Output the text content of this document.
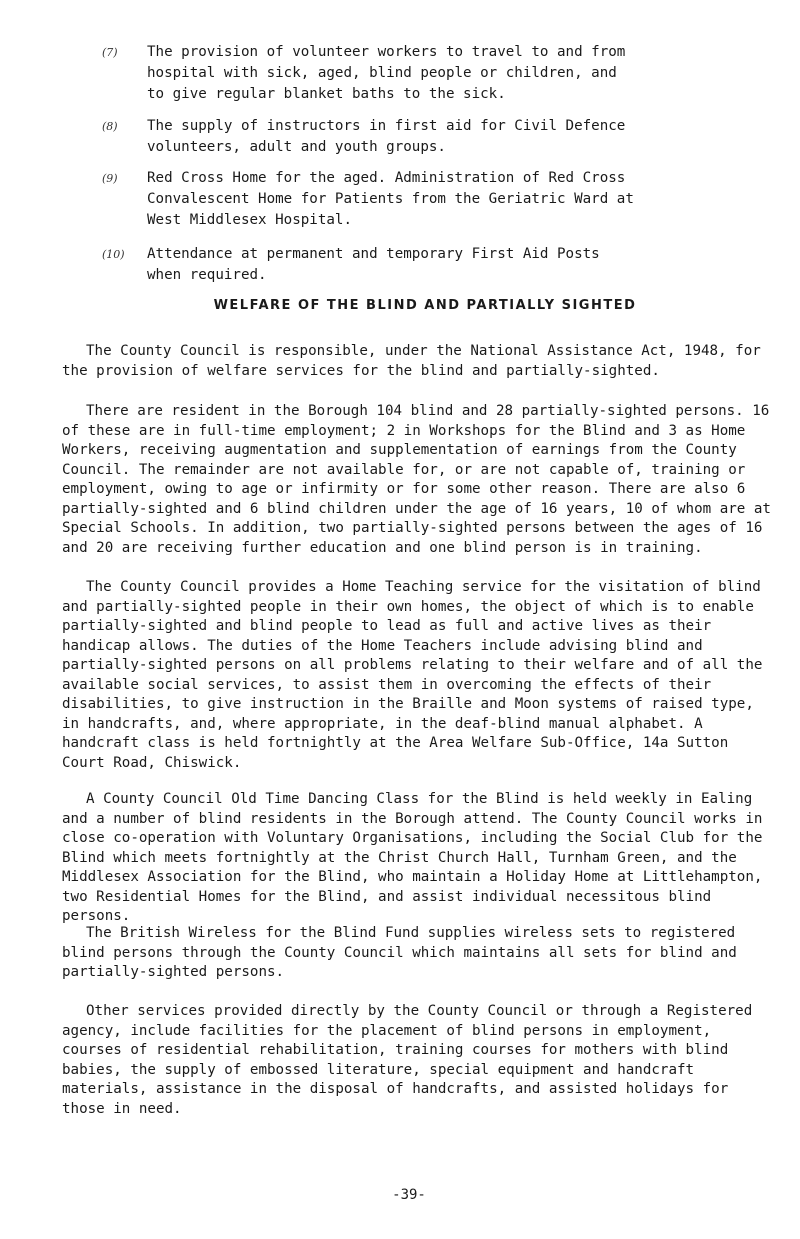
(7) The provision of volunteer workers to travel to and from hospital with sick, aged, blind people or children, and to give regular blanket baths to the sick.

(8) The supply of instructors in first aid for Civil Defence volunteers, adult and youth groups.

(9) Red Cross Home for the aged. Administration of Red Cross Convalescent Home for Patients from the Geriatric Ward at West Middlesex Hospital.

(10) Attendance at permanent and temporary First Aid Posts when required.

WELFARE OF THE BLIND AND PARTIALLY SIGHTED

The County Council is responsible, under the National Assistance Act, 1948, for the provision of welfare services for the blind and partially-sighted.

There are resident in the Borough 104 blind and 28 partially-sighted persons. 16 of these are in full-time employment; 2 in Workshops for the Blind and 3 as Home Workers, receiving augmentation and supplementation of earnings from the County Council. The remainder are not available for, or are not capable of, training or employment, owing to age or infirmity or for some other reason. There are also 6 partially-sighted and 6 blind children under the age of 16 years, 10 of whom are at Special Schools. In addition, two partially-sighted persons between the ages of 16 and 20 are receiving further education and one blind person is in training.

The County Council provides a Home Teaching service for the visitation of blind and partially-sighted people in their own homes, the object of which is to enable partially-sighted and blind people to lead as full and active lives as their handicap allows. The duties of the Home Teachers include advising blind and partially-sighted persons on all problems relating to their welfare and of all the available social services, to assist them in overcoming the effects of their disabilities, to give instruction in the Braille and Moon systems of raised type, in handcrafts, and, where appropriate, in the deaf-blind manual alphabet. A handcraft class is held fortnightly at the Area Welfare Sub-Office, 14a Sutton Court Road, Chiswick.

A County Council Old Time Dancing Class for the Blind is held weekly in Ealing and a number of blind residents in the Borough attend. The County Council works in close co-operation with Voluntary Organisations, including the Social Club for the Blind which meets fortnightly at the Christ Church Hall, Turnham Green, and the Middlesex Association for the Blind, who maintain a Holiday Home at Littlehampton, two Residential Homes for the Blind, and assist individual necessitous blind persons.

The British Wireless for the Blind Fund supplies wireless sets to registered blind persons through the County Council which maintains all sets for blind and partially-sighted persons.

Other services provided directly by the County Council or through a Registered agency, include facilities for the placement of blind persons in employment, courses of residential rehabilitation, training courses for mothers with blind babies, the supply of embossed literature, special equipment and handcraft materials, assistance in the disposal of handcrafts, and assisted holidays for those in need.

-39-
